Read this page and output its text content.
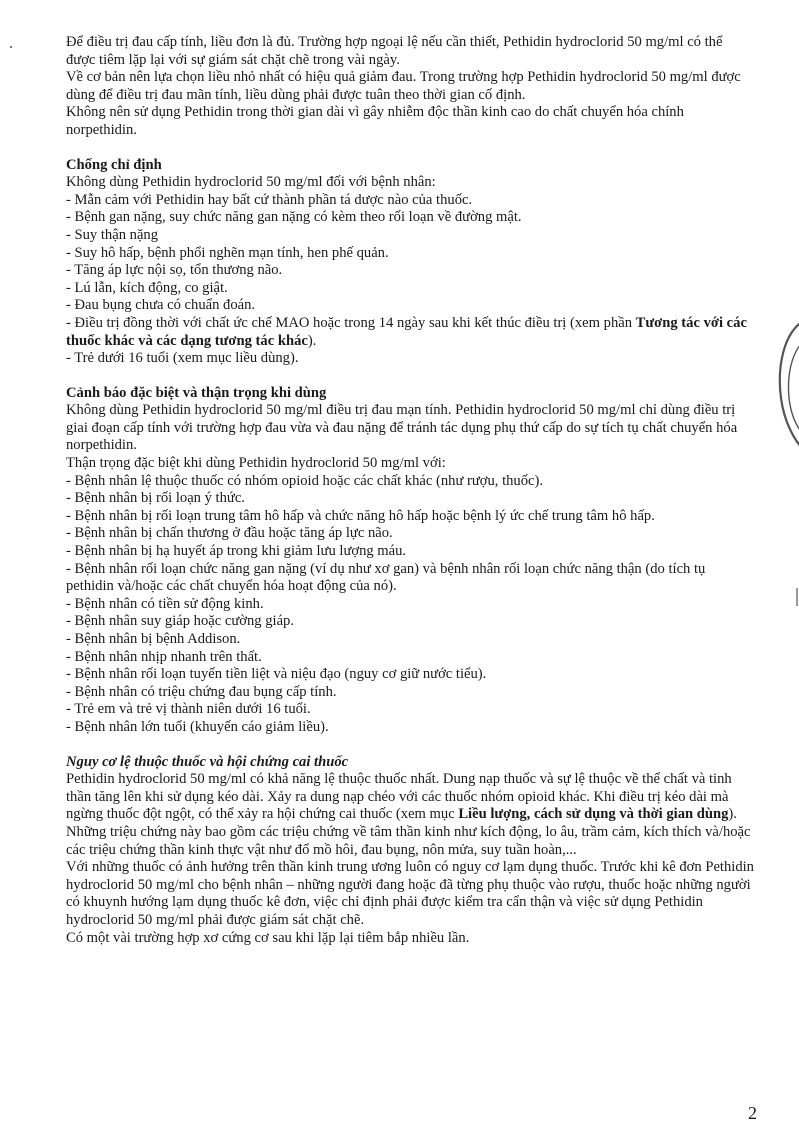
Để điều trị đau cấp tính, liều đơn là đủ. Trường hợp ngoại lệ nếu cần thiết, Pethidin hydroclorid 50 mg/ml có thể được tiêm lặp lại với sự giám sát chặt chẽ trong vài ngày.

Về cơ bản nên lựa chọn liều nhỏ nhất có hiệu quả giảm đau. Trong trường hợp Pethidin hydroclorid 50 mg/ml được dùng để điều trị đau mãn tính, liều dùng phải được tuân theo thời gian cố định.

Không nên sử dụng Pethidin trong thời gian dài vì gây nhiễm độc thần kinh cao do chất chuyển hóa chính norpethidin.

Chống chỉ định

Không dùng Pethidin hydroclorid 50 mg/ml đối với bệnh nhân:

- Mẫn cảm với Pethidin hay bất cứ thành phần tá dược nào của thuốc.

- Bệnh gan nặng, suy chức năng gan nặng có kèm theo rối loạn về đường mật.

- Suy thận nặng

- Suy hô hấp, bệnh phổi nghẽn mạn tính, hen phế quản.

- Tăng áp lực nội sọ, tổn thương não.

- Lú lẫn, kích động, co giật.

- Đau bụng chưa có chuẩn đoán.

- Điều trị đồng thời với chất ức chế MAO hoặc trong 14 ngày sau khi kết thúc điều trị (xem phần Tương tác với các thuốc khác và các dạng tương tác khác).

- Trẻ dưới 16 tuổi (xem mục liều dùng).

Cảnh báo đặc biệt và thận trọng khi dùng

Không dùng Pethidin hydroclorid 50 mg/ml điều trị đau mạn tính. Pethidin hydroclorid 50 mg/ml chỉ dùng điều trị giai đoạn cấp tính với trường hợp đau vừa và đau nặng để tránh tác dụng phụ thứ cấp do sự tích tụ chất chuyển hóa norpethidin.

Thận trọng đặc biệt khi dùng Pethidin hydroclorid 50 mg/ml với:

- Bệnh nhân lệ thuộc thuốc có nhóm opioid hoặc các chất khác (như rượu, thuốc).

- Bệnh nhân bị rối loạn ý thức.

- Bệnh nhân bị rối loạn trung tâm hô hấp và chức năng hô hấp hoặc bệnh lý ức chế trung tâm hô hấp.

- Bệnh nhân bị chấn thương ở đầu hoặc tăng áp lực não.

- Bệnh nhân bị hạ huyết áp trong khi giảm lưu lượng máu.

- Bệnh nhân rối loạn chức năng gan nặng (ví dụ như xơ gan) và bệnh nhân rối loạn chức năng thận (do tích tụ pethidin và/hoặc các chất chuyển hóa hoạt động của nó).

- Bệnh nhân có tiền sử động kinh.

- Bệnh nhân suy giáp hoặc cường giáp.

- Bệnh nhân bị bệnh Addison.

- Bệnh nhân nhịp nhanh trên thất.

- Bệnh nhân rối loạn tuyến tiền liệt và niệu đạo (nguy cơ giữ nước tiểu).

- Bệnh nhân có triệu chứng đau bụng cấp tính.

- Trẻ em và trẻ vị thành niên dưới 16 tuổi.

- Bệnh nhân lớn tuổi (khuyến cáo giảm liều).

Nguy cơ lệ thuộc thuốc và hội chứng cai thuốc

Pethidin hydroclorid 50 mg/ml có khả năng lệ thuộc thuốc nhất. Dung nạp thuốc và sự lệ thuộc về thể chất và tinh thần tăng lên khi sử dụng kéo dài. Xảy ra dung nạp chéo với các thuốc nhóm opioid khác. Khi điều trị kéo dài mà ngừng thuốc đột ngột, có thể xảy ra hội chứng cai thuốc (xem mục Liều lượng, cách sử dụng và thời gian dùng). Những triệu chứng này bao gồm các triệu chứng về tâm thần kinh như kích động, lo âu, trầm cảm, kích thích và/hoặc các triệu chứng thần kinh thực vật như đổ mồ hôi, đau bụng, nôn mửa, suy tuần hoàn,...

Với những thuốc có ảnh hưởng trên thần kinh trung ương luôn có nguy cơ lạm dụng thuốc. Trước khi kê đơn Pethidin hydroclorid 50 mg/ml cho bệnh nhân – những người đang hoặc đã từng phụ thuộc vào rượu, thuốc hoặc những người có khuynh hướng lạm dụng thuốc kê đơn, việc chỉ định phải được kiểm tra cẩn thận và việc sử dụng Pethidin hydroclorid 50 mg/ml phải được giám sát chặt chẽ.

Có một vài trường hợp xơ cứng cơ sau khi lặp lại tiêm bắp nhiều lần.

2
